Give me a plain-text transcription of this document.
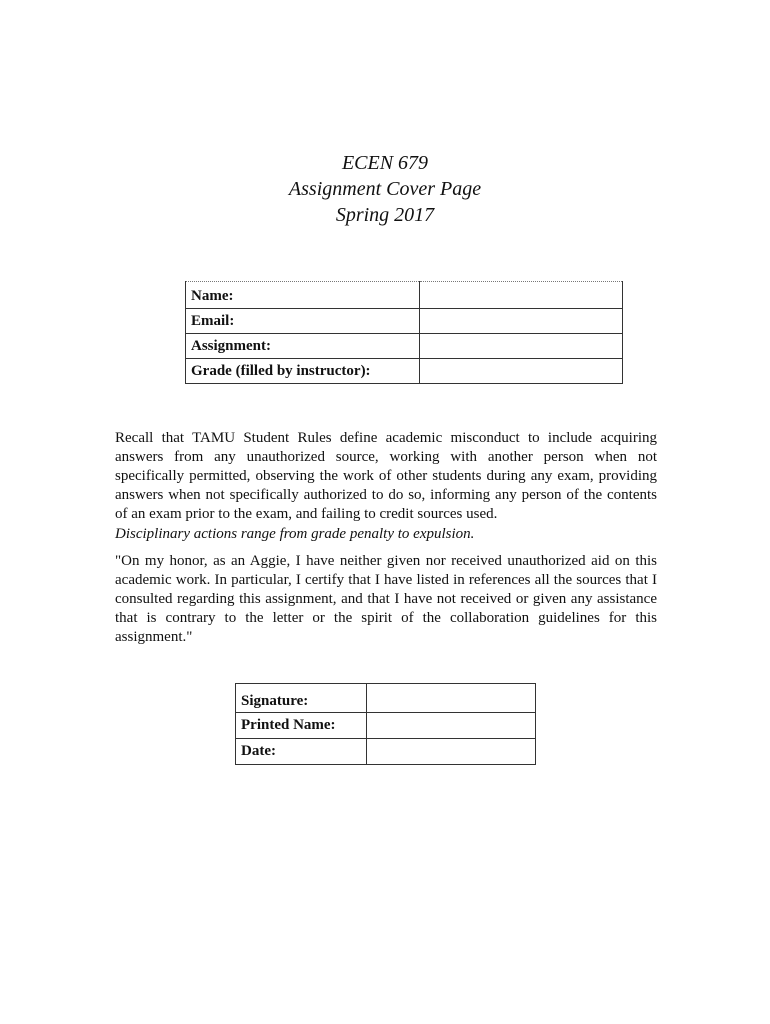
ECEN 679
Assignment Cover Page
Spring 2017
Name:	
Email:	
Assignment:	
Grade (filled by instructor):	
Recall that TAMU Student Rules define academic misconduct to include acquiring answers from any unauthorized source, working with another person when not specifically permitted, observing the work of other students during any exam, providing answers when not specifically authorized to do so, informing any person of the contents of an exam prior to the exam, and failing to credit sources used.
Disciplinary actions range from grade penalty to expulsion.
"On my honor, as an Aggie, I have neither given nor received unauthorized aid on this academic work. In particular, I certify that I have listed in references all the sources that I consulted regarding this assignment, and that I have not received or given any assistance that is contrary to the letter or the spirit of the collaboration guidelines for this assignment."
Signature:	
Printed Name:	
Date:	
